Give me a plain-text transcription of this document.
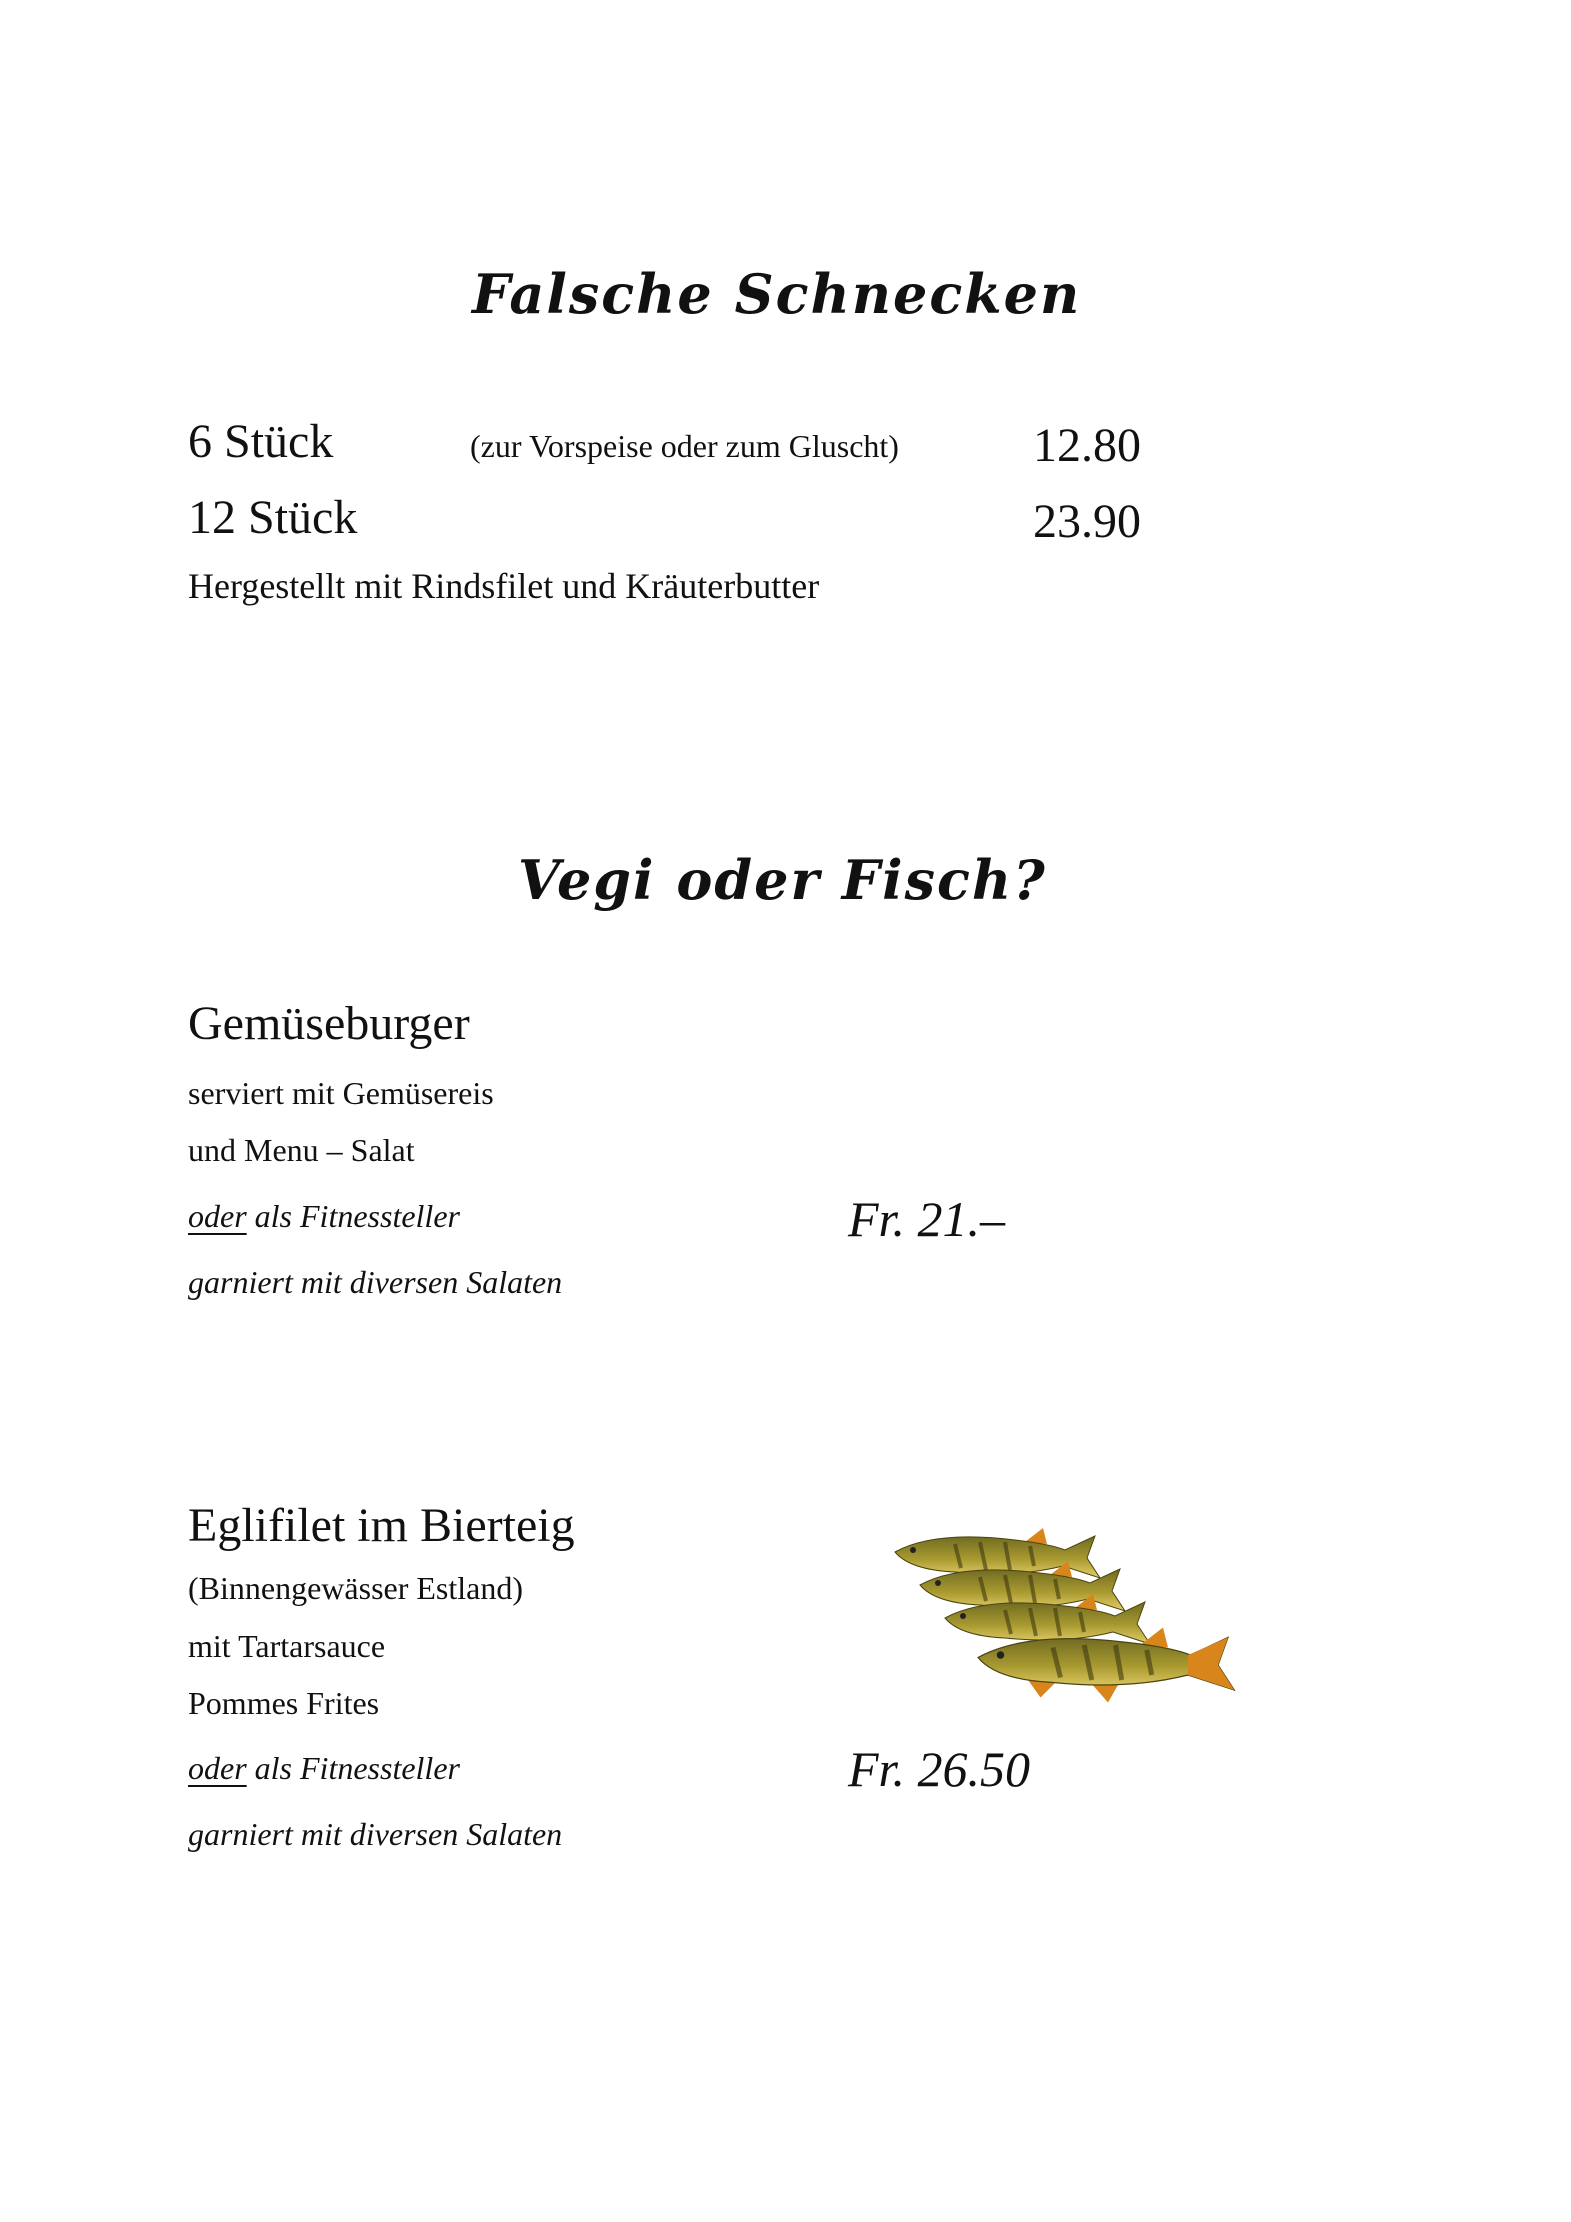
Falsche Schnecken
6 Stück	(zur Vorspeise oder zum Gluscht)	12.80
12 Stück	23.90
Hergestellt mit Rindsfilet und Kräuterbutter
Vegi oder Fisch?
Gemüseburger
serviert mit Gemüsereis
und Menu – Salat
oder als Fitnessteller
garniert mit diversen Salaten
Fr. 21.–
Eglifilet im Bierteig
(Binnengewässer Estland)
mit Tartarsauce
Pommes Frites
oder als Fitnessteller
garniert mit diversen Salaten
Fr. 26.50
